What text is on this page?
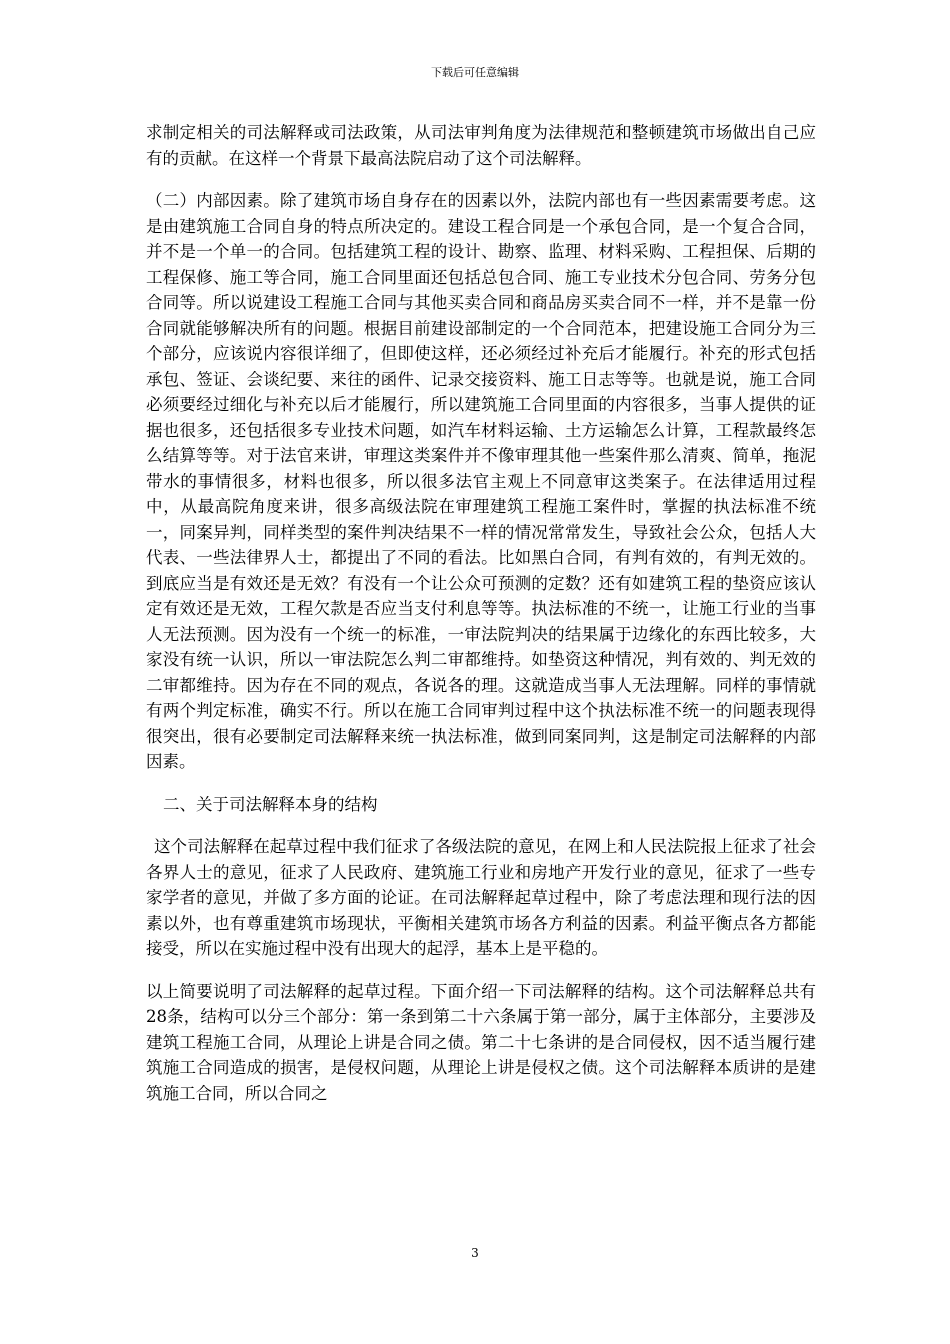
下载后可任意编辑

求制定相关的司法解释或司法政策，从司法审判角度为法律规范和整顿建筑市场做出自己应有的贡献。在这样一个背景下最高法院启动了这个司法解释。

（二）内部因素。除了建筑市场自身存在的因素以外，法院内部也有一些因素需要考虑。这是由建筑施工合同自身的特点所决定的。建设工程合同是一个承包合同，是一个复合合同，并不是一个单一的合同。包括建筑工程的设计、勘察、监理、材料采购、工程担保、后期的工程保修、施工等合同，施工合同里面还包括总包合同、施工专业技术分包合同、劳务分包合同等。所以说建设工程施工合同与其他买卖合同和商品房买卖合同不一样，并不是靠一份合同就能够解决所有的问题。根据目前建设部制定的一个合同范本，把建设施工合同分为三个部分，应该说内容很详细了，但即使这样，还必须经过补充后才能履行。补充的形式包括承包、签证、会谈纪要、来往的函件、记录交接资料、施工日志等等。也就是说，施工合同必须要经过细化与补充以后才能履行，所以建筑施工合同里面的内容很多，当事人提供的证据也很多，还包括很多专业技术问题，如汽车材料运输、土方运输怎么计算，工程款最终怎么结算等等。对于法官来讲，审理这类案件并不像审理其他一些案件那么清爽、简单，拖泥带水的事情很多，材料也很多，所以很多法官主观上不同意审这类案子。在法律适用过程中，从最高院角度来讲，很多高级法院在审理建筑工程施工案件时，掌握的执法标准不统一，同案异判，同样类型的案件判决结果不一样的情况常常发生，导致社会公众，包括人大代表、一些法律界人士，都提出了不同的看法。比如黑白合同，有判有效的，有判无效的。到底应当是有效还是无效？有没有一个让公众可预测的定数？还有如建筑工程的垫资应该认定有效还是无效，工程欠款是否应当支付利息等等。执法标准的不统一，让施工行业的当事人无法预测。因为没有一个统一的标准，一审法院判决的结果属于边缘化的东西比较多，大家没有统一认识，所以一审法院怎么判二审都维持。如垫资这种情况，判有效的、判无效的二审都维持。因为存在不同的观点，各说各的理。这就造成当事人无法理解。同样的事情就有两个判定标准，确实不行。所以在施工合同审判过程中这个执法标准不统一的问题表现得很突出，很有必要制定司法解释来统一执法标准，做到同案同判，这是制定司法解释的内部因素。

二、关于司法解释本身的结构

这个司法解释在起草过程中我们征求了各级法院的意见，在网上和人民法院报上征求了社会各界人士的意见，征求了人民政府、建筑施工行业和房地产开发行业的意见，征求了一些专家学者的意见，并做了多方面的论证。在司法解释起草过程中，除了考虑法理和现行法的因素以外，也有尊重建筑市场现状，平衡相关建筑市场各方利益的因素。利益平衡点各方都能接受，所以在实施过程中没有出现大的起浮，基本上是平稳的。

以上简要说明了司法解释的起草过程。下面介绍一下司法解释的结构。这个司法解释总共有28条，结构可以分三个部分：第一条到第二十六条属于第一部分，属于主体部分，主要涉及建筑工程施工合同，从理论上讲是合同之债。第二十七条讲的是合同侵权，因不适当履行建筑施工合同造成的损害，是侵权问题，从理论上讲是侵权之债。这个司法解释本质讲的是建筑施工合同，所以合同之

3
